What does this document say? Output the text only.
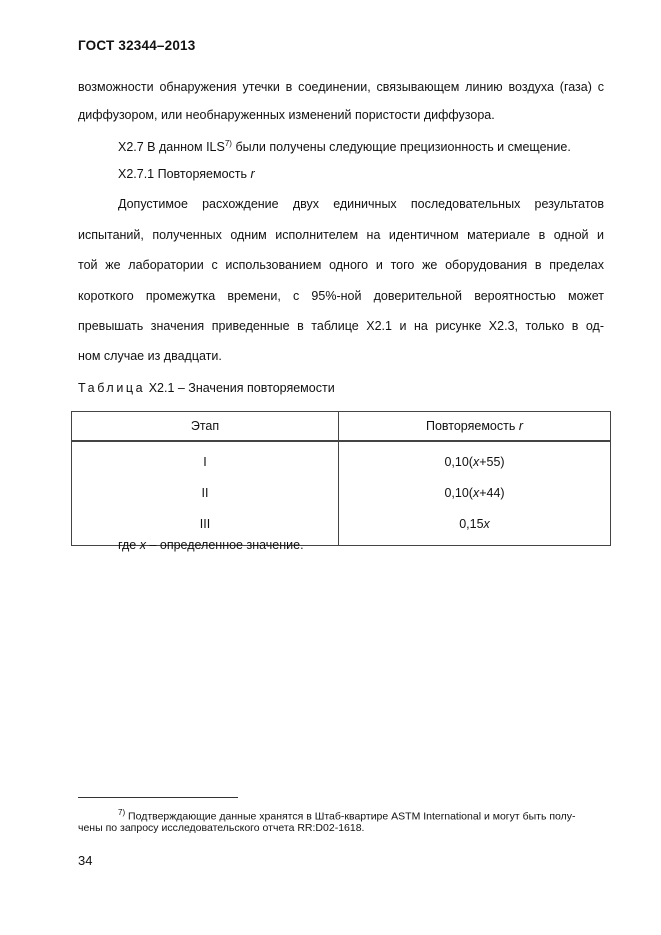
ГОСТ 32344–2013
возможности обнаружения утечки в соединении, связывающем линию воздуха (газа) с
диффузором, или необнаруженных изменений пористости диффузора.
Х2.7 В данном ILS$^{7)}$ были получены следующие прецизионность и смещение.
Х2.7.1 Повторяемость r
Допустимое расхождение двух единичных последовательных результатов
испытаний, полученных одним исполнителем на идентичном материале в одной и
той же лаборатории с использованием одного и того же оборудования в пределах
короткого промежутка времени, с 95%-ной доверительной вероятностью может
превышать значения приведенные в таблице Х2.1 и на рисунке Х2.3, только в од-
ном случае из двадцати.
Таблица Х2.1 – Значения повторяемости
Этап	Повторяемость r
I	0,10(x+55)
II	0,10(x+44)
III	0,15x
где х – определенное значение.
$^{7)}$ Подтверждающие данные хранятся в Штаб-квартире ASTM International и могут быть полу-
чены по запросу исследовательского отчета RR:D02-1618.
34
